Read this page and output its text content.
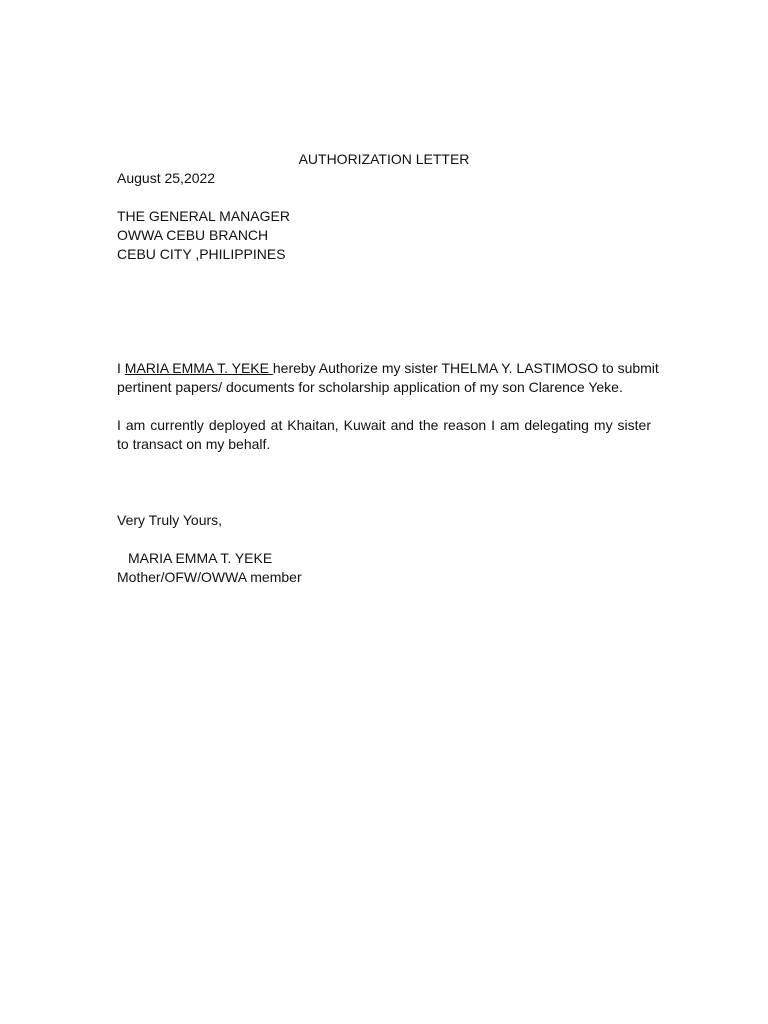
AUTHORIZATION LETTER
August 25,2022
THE GENERAL MANAGER
OWWA CEBU BRANCH
CEBU CITY ,PHILIPPINES
I MARIA EMMA T. YEKE hereby Authorize my sister THELMA Y. LASTIMOSO to submit
pertinent papers/ documents for scholarship application of my son Clarence Yeke.
I am currently deployed at Khaitan, Kuwait and the reason I am delegating my sister
to transact on my behalf.
Very Truly Yours,
MARIA EMMA T. YEKE
Mother/OFW/OWWA member
